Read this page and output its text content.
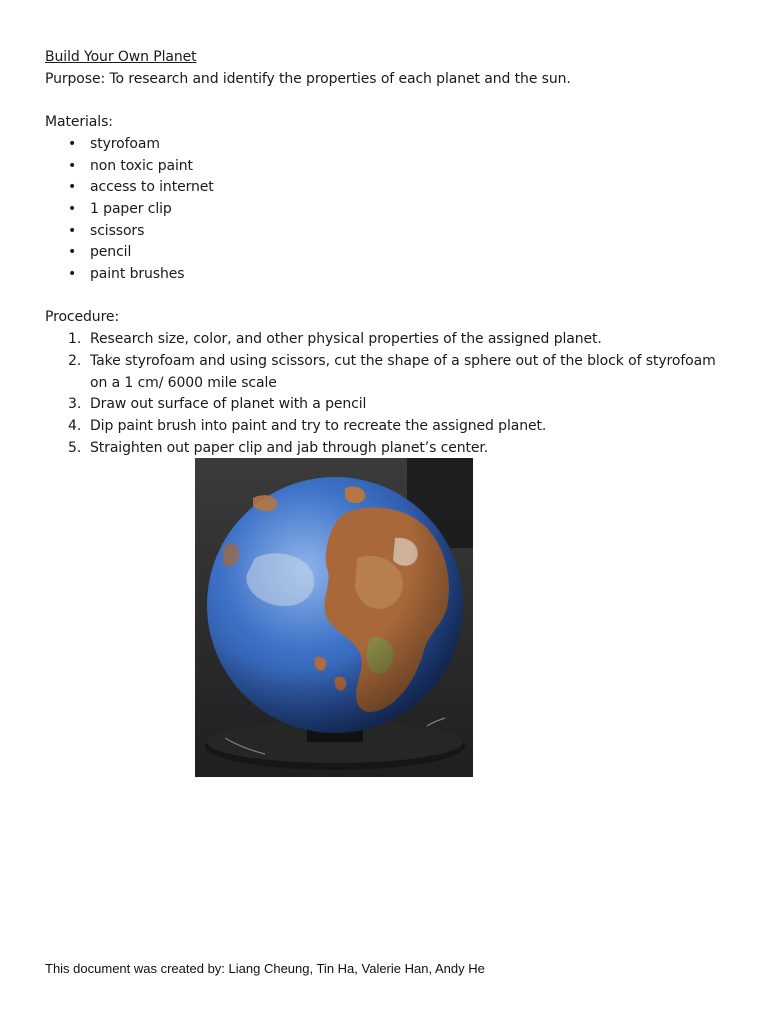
Build Your Own Planet
Purpose: To research and identify the properties of each planet and the sun.
Materials:
• styrofoam
• non toxic paint
• access to internet
• 1 paper clip
• scissors
• pencil
• paint brushes
Procedure:
Research size, color, and other physical properties of the assigned planet.
Take styrofoam and using scissors, cut the shape of a sphere out of the block of styrofoam on a 1 cm/ 6000 mile scale
Draw out surface of planet with a pencil
Dip paint brush into paint and try to recreate the assigned planet.
Straighten out paper clip and jab through planet’s center.
This document was created by: Liang Cheung, Tin Ha, Valerie Han, Andy He
